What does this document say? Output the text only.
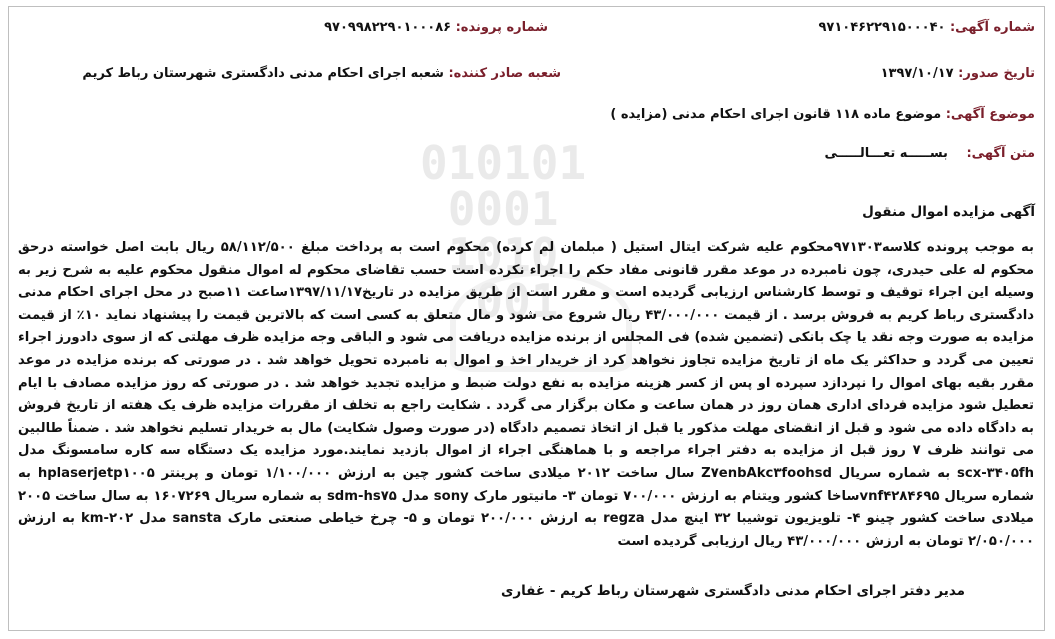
010101
0001
1010
001
شماره آگهی: ۹۷۱۰۴۶۲۲۹۱۵۰۰۰۴۰
تاریخ صدور: ۱۳۹۷/۱۰/۱۷
شماره پرونده: ۹۷۰۹۹۸۲۲۹۰۱۰۰۰۸۶
شعبه صادر کننده: شعبه اجرای احکام مدنی دادگستری شهرستان رباط کریم
موضوع آگهی: موضوع ماده ۱۱۸ قانون اجرای احکام مدنی (مزایده )
متن آگهی: بســـــه تعـــالـــــی
آگهی مزایده اموال منقول
به موجب پرونده کلاسه۹۷۱۳۰۳محکوم علیه شرکت ایتال استیل ( مبلمان لم کرده) محکوم است به پرداخت مبلغ ۵۸/۱۱۲/۵۰۰ ریال بابت اصل خواسته درحق محکوم له علی حیدری، چون نامبرده در موعد مقرر قانونی مفاد حکم را اجراء نکرده است حسب تقاضای محکوم له اموال منقول محکوم علیه به شرح زیر به وسیله این اجراء توقیف و توسط کارشناس ارزیابی گردیده است و مقرر است از طریق مزایده در تاریخ۱۳۹۷/۱۱/۱۷ساعت ۱۱صبح در محل اجرای احکام مدنی دادگستری رباط کریم به فروش برسد . از قیمت ۴۳/۰۰۰/۰۰۰ ریال شروع می شود و مال متعلق به کسی است که بالاترین قیمت را پیشنهاد نماید ۱۰٪ از قیمت مزایده به صورت وجه نقد یا چک بانکی (تضمین شده) فی المجلس از برنده مزایده دریافت می شود و الباقی وجه مزایده ظرف مهلتی که از سوی دادورز اجراء تعیین می گردد و حداکثر یک ماه از تاریخ مزایده تجاوز نخواهد کرد از خریدار اخذ و اموال به نامبرده تحویل خواهد شد . در صورتی که برنده مزایده در موعد مقرر بقیه بهای اموال را نپردازد سپرده او پس از کسر هزینه مزایده به نفع دولت ضبط و مزایده تجدید خواهد شد . در صورتی که روز مزایده مصادف با ایام تعطیل شود مزایده فردای اداری همان روز در همان ساعت و مکان برگزار می گردد . شکایت راجع به تخلف از مقررات مزایده ظرف یک هفته از تاریخ فروش به دادگاه داده می شود و قبل از انقضای مهلت مذکور یا قبل از اتخاذ تصمیم دادگاه (در صورت وصول شکایت) مال به خریدار تسلیم نخواهد شد . ضمناً طالبین می توانند ظرف ۷ روز قبل از مزایده به دفتر اجراء مراجعه و با هماهنگی اجراء از اموال بازدید نمایند.مورد مزایده یک دستگاه سه کاره سامسونگ مدل scx-۳۴۰۵fh به شماره سریال Z۷enbAkc۳foohsd سال ساخت ۲۰۱۲ میلادی ساخت کشور چین به ارزش ۱/۱۰۰/۰۰۰ تومان و پرینتر hplaserjetp۱۰۰۵ به شماره سریال vnf۴۲۸۴۶۹۵ساخا کشور ویتنام به ارزش ۷۰۰/۰۰۰ تومان ۳- مانیتور مارک sony مدل sdm-hs۷۵ به شماره سریال ۱۶۰۷۲۶۹ به سال ساخت ۲۰۰۵ میلادی ساخت کشور چینو ۴- تلویزیون توشیبا ۳۲ اینچ مدل regza به ارزش ۲۰۰/۰۰۰ تومان و ۵- چرخ خیاطی صنعتی مارک sansta مدل km-۲۰۲ به ارزش ۲/۰۵۰/۰۰۰ تومان به ارزش ۴۳/۰۰۰/۰۰۰ ریال ارزیابی گردیده است
مدیر دفتر اجرای احکام مدنی دادگستری شهرستان رباط کریم - غفاری
